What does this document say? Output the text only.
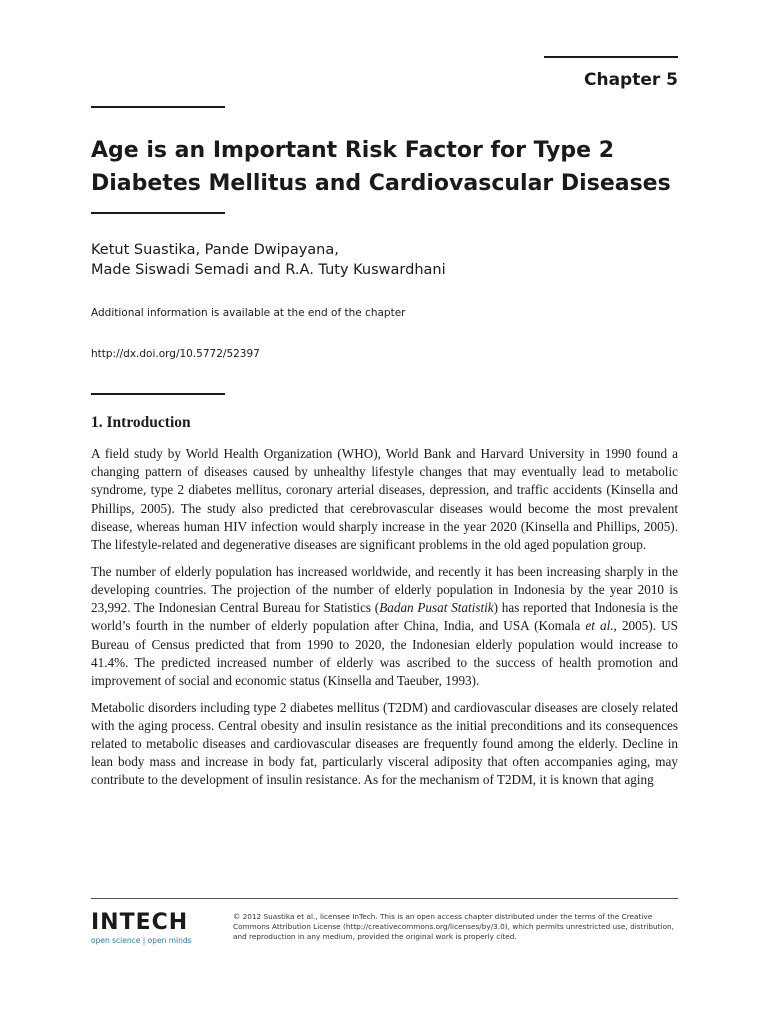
Chapter 5
Age is an Important Risk Factor for Type 2
Diabetes Mellitus and Cardiovascular Diseases
Ketut Suastika, Pande Dwipayana,
Made Siswadi Semadi and R.A. Tuty Kuswardhani
Additional information is available at the end of the chapter
http://dx.doi.org/10.5772/52397
1. Introduction

A field study by World Health Organization (WHO), World Bank and Harvard University in 1990 found a changing pattern of diseases caused by unhealthy lifestyle changes that may eventually lead to metabolic syndrome, type 2 diabetes mellitus, coronary arterial diseases, depression, and traffic accidents (Kinsella and Phillips, 2005). The study also predicted that cerebrovascular diseases would become the most prevalent disease, whereas human HIV infection would sharply increase in the year 2020 (Kinsella and Phillips, 2005). The lifestyle-related and degenerative diseases are significant problems in the old aged population group.

The number of elderly population has increased worldwide, and recently it has been increasing sharply in the developing countries. The projection of the number of elderly population in Indonesia by the year 2010 is 23,992. The Indonesian Central Bureau for Statistics (Badan Pusat Statistik) has reported that Indonesia is the world’s fourth in the number of elderly population after China, India, and USA (Komala et al., 2005). US Bureau of Census predicted that from 1990 to 2020, the Indonesian elderly population would increase to 41.4%. The predicted increased number of elderly was ascribed to the success of health promotion and improvement of social and economic status (Kinsella and Taeuber, 1993).

Metabolic disorders including type 2 diabetes mellitus (T2DM) and cardiovascular diseases are closely related with the aging process. Central obesity and insulin resistance as the initial preconditions and its consequences related to metabolic diseases and cardiovascular diseases are frequently found among the elderly. Decline in lean body mass and increase in body fat, particularly visceral adiposity that often accompanies aging, may contribute to the development of insulin resistance. As for the mechanism of T2DM, it is known that aging

INTECH
open science | open minds
© 2012 Suastika et al., licensee InTech. This is an open access chapter distributed under the terms of the Creative Commons Attribution License (http://creativecommons.org/licenses/by/3.0), which permits unrestricted use, distribution, and reproduction in any medium, provided the original work is properly cited.
